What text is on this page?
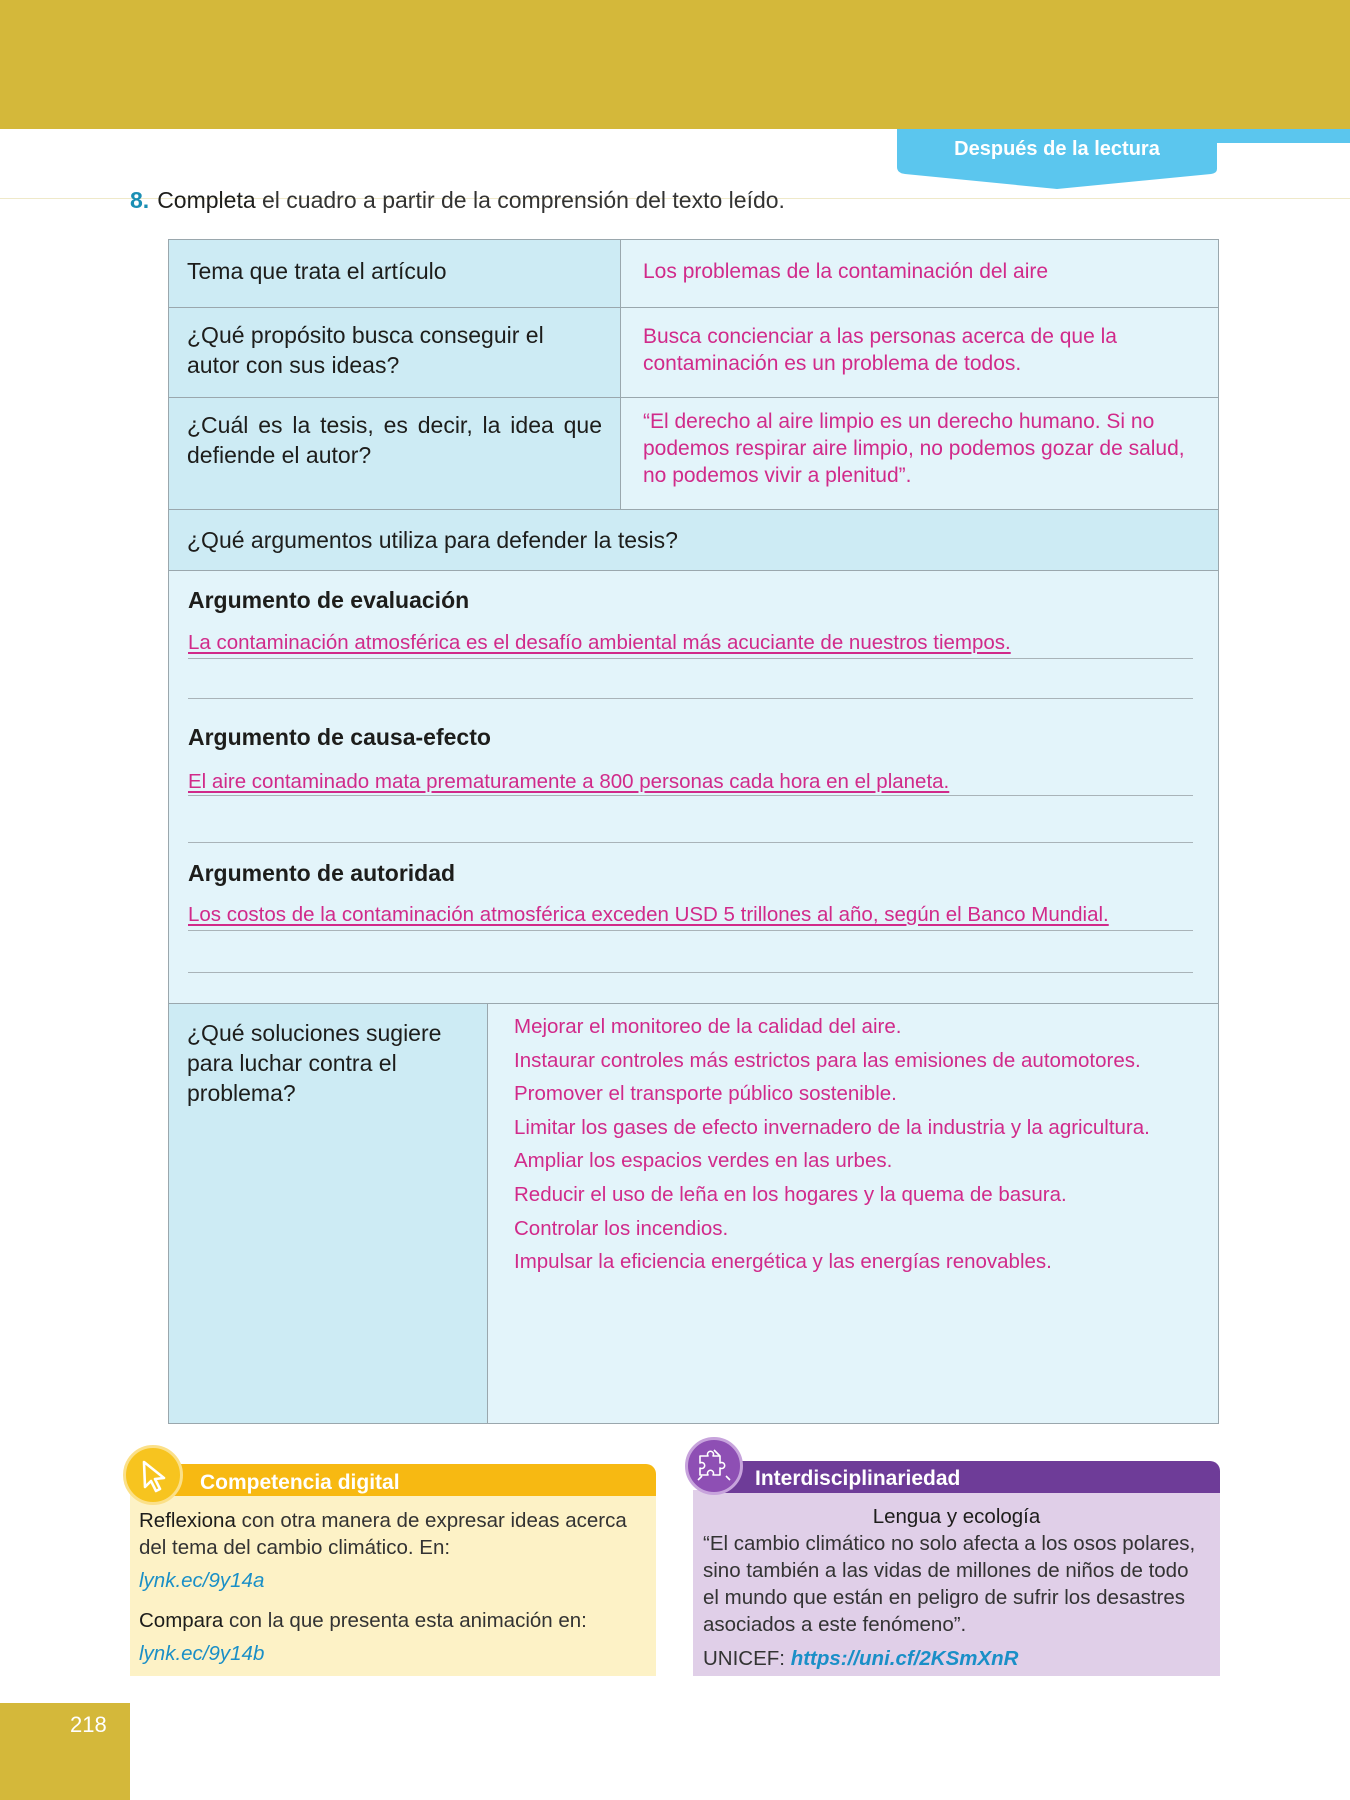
Después de la lectura
8. Completa el cuadro a partir de la comprensión del texto leído.
Tema que trata el artículo	Los problemas de la contaminación del aire
¿Qué propósito busca conseguir el autor con sus ideas?
Busca concienciar a las personas acerca de que la contaminación es un problema de todos.
¿Cuál es la tesis, es decir, la idea que defiende el autor?
“El derecho al aire limpio es un derecho humano. Si no podemos respirar aire limpio, no podemos gozar de salud, no podemos vivir a plenitud”.
¿Qué argumentos utiliza para defender la tesis?
Argumento de evaluación
La contaminación atmosférica es el desafío ambiental más acuciante de nuestros tiempos.
Argumento de causa-efecto
El aire contaminado mata prematuramente a 800 personas cada hora en el planeta.
Argumento de autoridad
Los costos de la contaminación atmosférica exceden USD 5 trillones al año, según el Banco Mundial.
¿Qué soluciones sugiere para luchar contra el problema?
Mejorar el monitoreo de la calidad del aire.
Instaurar controles más estrictos para las emisiones de automotores.
Promover el transporte público sostenible.
Limitar los gases de efecto invernadero de la industria y la agricultura.
Ampliar los espacios verdes en las urbes.
Reducir el uso de leña en los hogares y la quema de basura.
Controlar los incendios.
Impulsar la eficiencia energética y las energías renovables.
Competencia digital
Reflexiona con otra manera de expresar ideas acerca del tema del cambio climático. En:
lynk.ec/9y14a
Compara con la que presenta esta animación en:
lynk.ec/9y14b
Interdisciplinariedad
Lengua y ecología
“El cambio climático no solo afecta a los osos polares, sino también a las vidas de millones de niños de todo el mundo que están en peligro de sufrir los desastres asociados a este fenómeno”.
UNICEF: https://uni.cf/2KSmXnR
218
